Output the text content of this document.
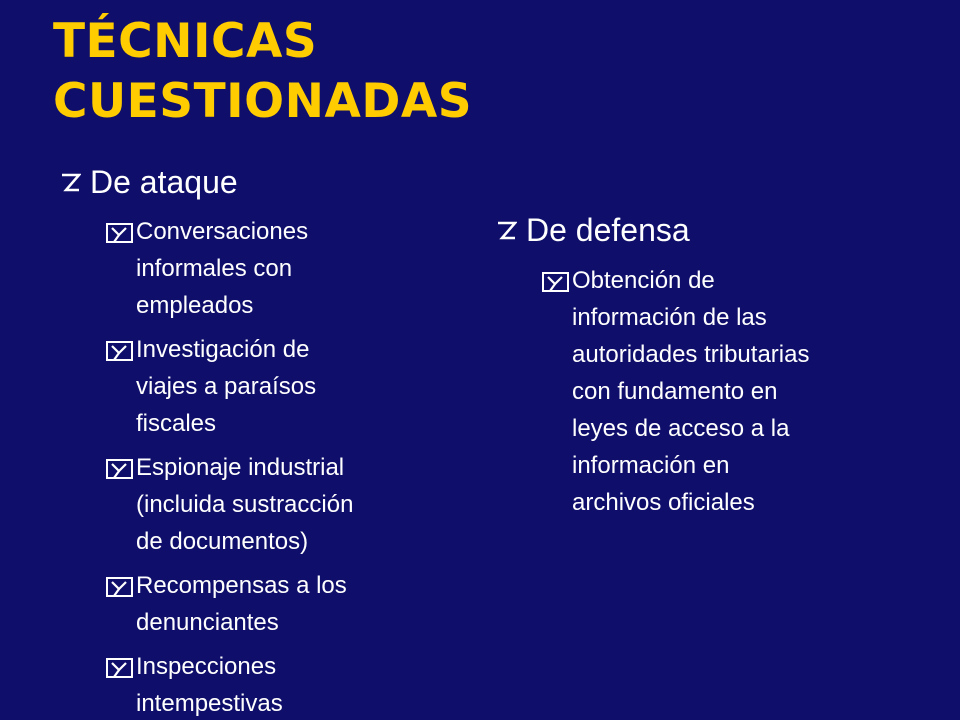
TÉCNICAS
CUESTIONADAS
De ataque
Conversaciones
informales con
empleados
Investigación de
viajes a paraísos
fiscales
Espionaje industrial
(incluida sustracción
de documentos)
Recompensas a los
denunciantes
Inspecciones
intempestivas
De defensa
Obtención de
información de las
autoridades tributarias
con fundamento en
leyes de acceso a la
información en
archivos oficiales
